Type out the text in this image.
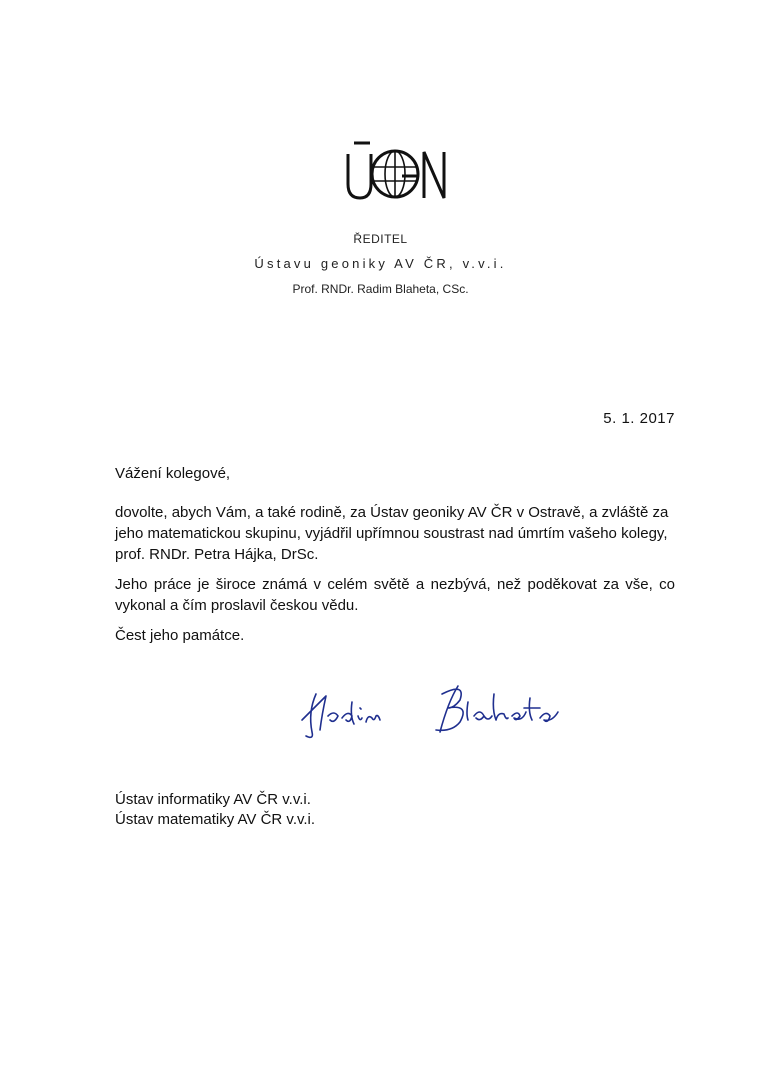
ŘEDITEL
Ústavu geoniky AV ČR, v.v.i.
Prof. RNDr. Radim Blaheta, CSc.
5. 1. 2017
Vážení kolegové,
dovolte, abych Vám, a také rodině, za Ústav geoniky AV ČR v Ostravě, a zvláště za jeho matematickou skupinu, vyjádřil upřímnou soustrast nad úmrtím vašeho kolegy, prof. RNDr. Petra Hájka, DrSc.
Jeho práce je široce známá v celém světě a nezbývá, než poděkovat za vše, co vykonal a čím proslavil českou vědu.
Čest jeho památce.
Ústav informatiky AV ČR v.v.i.
Ústav matematiky AV ČR v.v.i.
